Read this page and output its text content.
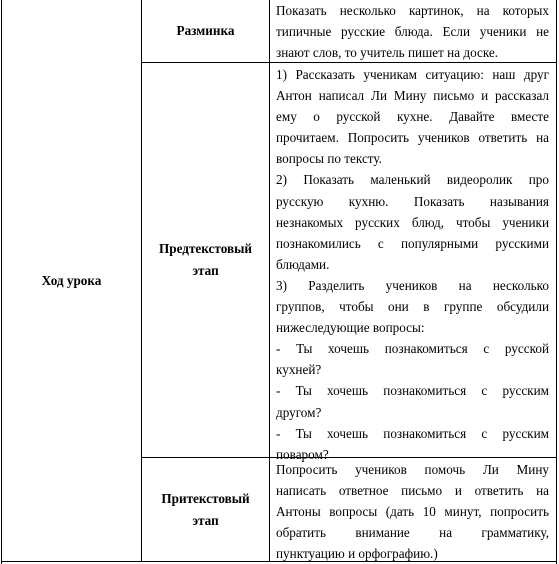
Ход урока
Разминка

Показать несколько картинок, на которых

типичные русские блюда. Если ученики не

знают слов, то учитель пишет на доске.

Предтекстовый этап

1) Рассказать ученикам ситуацию: наш друг

Антон написал Ли Мину письмо и рассказал

ему о русской кухне. Давайте вместе

прочитаем. Попросить учеников ответить на

вопросы по тексту.

2) Показать маленький видеоролик про

русскую кухню. Показать называния

незнакомых русских блюд, чтобы ученики

познакомились с популярными русскими

блюдами.

3) Разделить учеников на несколько

группов, чтобы они в группе обсудили

нижеследующие вопросы:

- Ты хочешь познакомиться с русской

кухней?

- Ты хочешь познакомиться с русским

другом?

- Ты хочешь познакомиться с русским

поваром?

Притекстовый этап

Попросить учеников помочь Ли Мину

написать ответное письмо и ответить на

Антоны вопросы (дать 10 минут, попросить

обратить внимание на грамматику,

пунктуацию и орфографию.)
